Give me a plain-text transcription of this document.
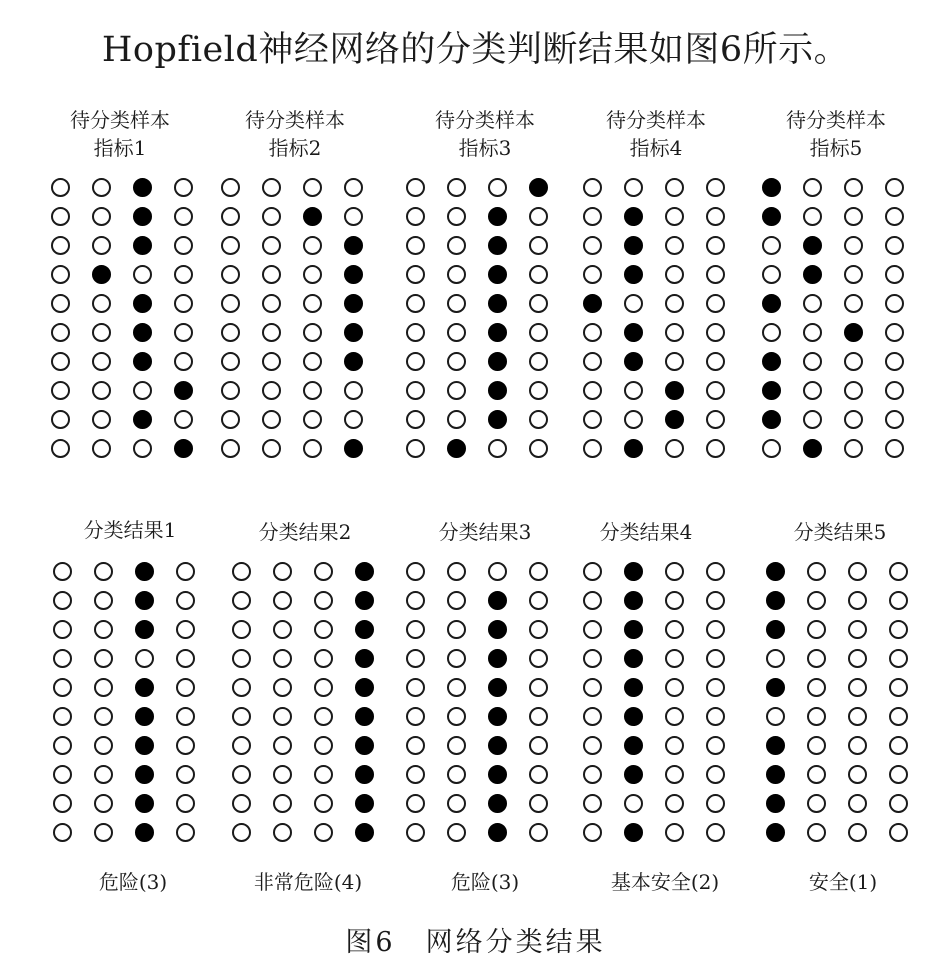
Hopfield神经网络的分类判断结果如图6所示。
待分类样本
指标1
待分类样本
指标2
待分类样本
指标3
待分类样本
指标4
待分类样本
指标5
分类结果1	分类结果2	分类结果3	分类结果4	分类结果5
危险(3)	非常危险(4)	危险(3)	基本安全(2)	安全(1)
图6　网络分类结果
